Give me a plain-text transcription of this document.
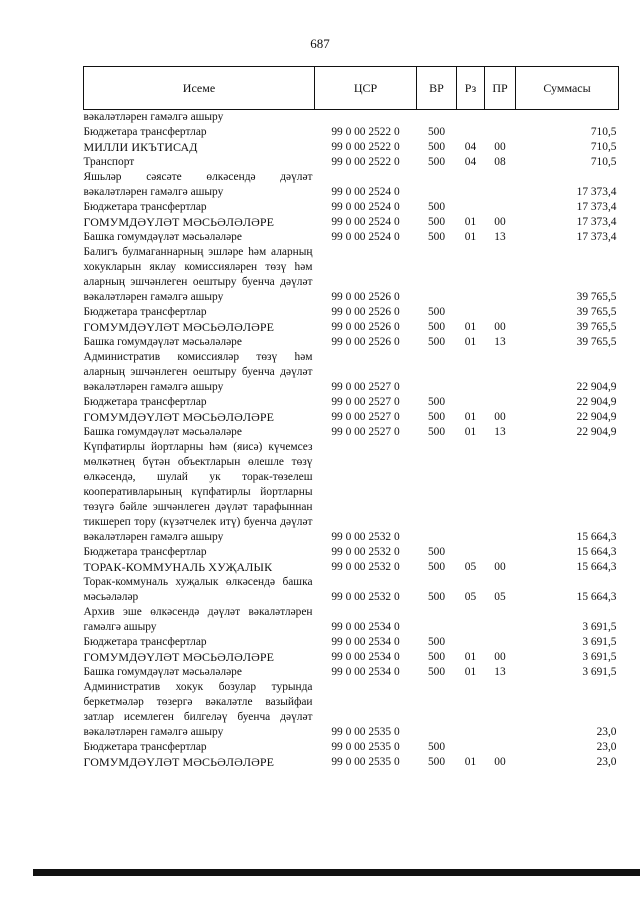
687
Исеме	ЦСР	ВР	Рз	ПР	Суммасы
вәкаләтләрен гамәлгә ашыру					
Бюджетара трансфертлар	99 0 00 2522 0	500			710,5
МИЛЛИ ИКЪТИСАД	99 0 00 2522 0	500	04	00	710,5
Транспорт	99 0 00 2522 0	500	04	08	710,5
Яшьләр сәясәте өлкәсендә дәүләт вәкаләтләрен гамәлгә ашыру	99 0 00 2524 0				17 373,4
Бюджетара трансфертлар	99 0 00 2524 0	500			17 373,4
ГОМУМДӘҮЛӘТ МӘСЬӘЛӘЛӘРЕ	99 0 00 2524 0	500	01	00	17 373,4
Башка гомумдәүләт мәсьәләләре	99 0 00 2524 0	500	01	13	17 373,4
Балигъ булмаганнарның эшләре һәм аларның хокукларын яклау комиссияләрен төзү һәм аларның эшчәнлеген оештыру буенча дәүләт вәкаләтләрен гамәлгә ашыру	99 0 00 2526 0				39 765,5
Бюджетара трансфертлар	99 0 00 2526 0	500			39 765,5
ГОМУМДӘҮЛӘТ МӘСЬӘЛӘЛӘРЕ	99 0 00 2526 0	500	01	00	39 765,5
Башка гомумдәүләт мәсьәләләре	99 0 00 2526 0	500	01	13	39 765,5
Административ комиссияләр төзү һәм аларның эшчәнлеген оештыру буенча дәүләт вәкаләтләрен гамәлгә ашыру	99 0 00 2527 0				22 904,9
Бюджетара трансфертлар	99 0 00 2527 0	500			22 904,9
ГОМУМДӘҮЛӘТ МӘСЬӘЛӘЛӘРЕ	99 0 00 2527 0	500	01	00	22 904,9
Башка гомумдәүләт мәсьәләләре	99 0 00 2527 0	500	01	13	22 904,9
Күпфатирлы йортларны һәм (яисә) күчемсез мөлкәтнең бүтән объектларын өлешле төзү өлкәсендә, шулай ук торак-төзелеш кооперативларының күпфатирлы йортларны төзүгә бәйле эшчәнлеген дәүләт тарафыннан тикшереп тору (күзәтчелек итү) буенча дәүләт вәкаләтләрен гамәлгә ашыру	99 0 00 2532 0				15 664,3
Бюджетара трансфертлар	99 0 00 2532 0	500			15 664,3
ТОРАК-КОММУНАЛЬ ХУҖАЛЫК	99 0 00 2532 0	500	05	00	15 664,3
Торак-коммуналь хуҗалык өлкәсендә башка мәсьәләләр	99 0 00 2532 0	500	05	05	15 664,3
Архив эше өлкәсендә дәүләт вәкаләтләрен гамәлгә ашыру	99 0 00 2534 0				3 691,5
Бюджетара трансфертлар	99 0 00 2534 0	500			3 691,5
ГОМУМДӘҮЛӘТ МӘСЬӘЛӘЛӘРЕ	99 0 00 2534 0	500	01	00	3 691,5
Башка гомумдәүләт мәсьәләләре	99 0 00 2534 0	500	01	13	3 691,5
Административ хокук бозулар турында беркетмәләр төзергә вәкаләтле вазыйфаи затлар исемлеген билгеләү буенча дәүләт вәкаләтләрен гамәлгә ашыру	99 0 00 2535 0				23,0
Бюджетара трансфертлар	99 0 00 2535 0	500			23,0
ГОМУМДӘҮЛӘТ МӘСЬӘЛӘЛӘРЕ	99 0 00 2535 0	500	01	00	23,0
